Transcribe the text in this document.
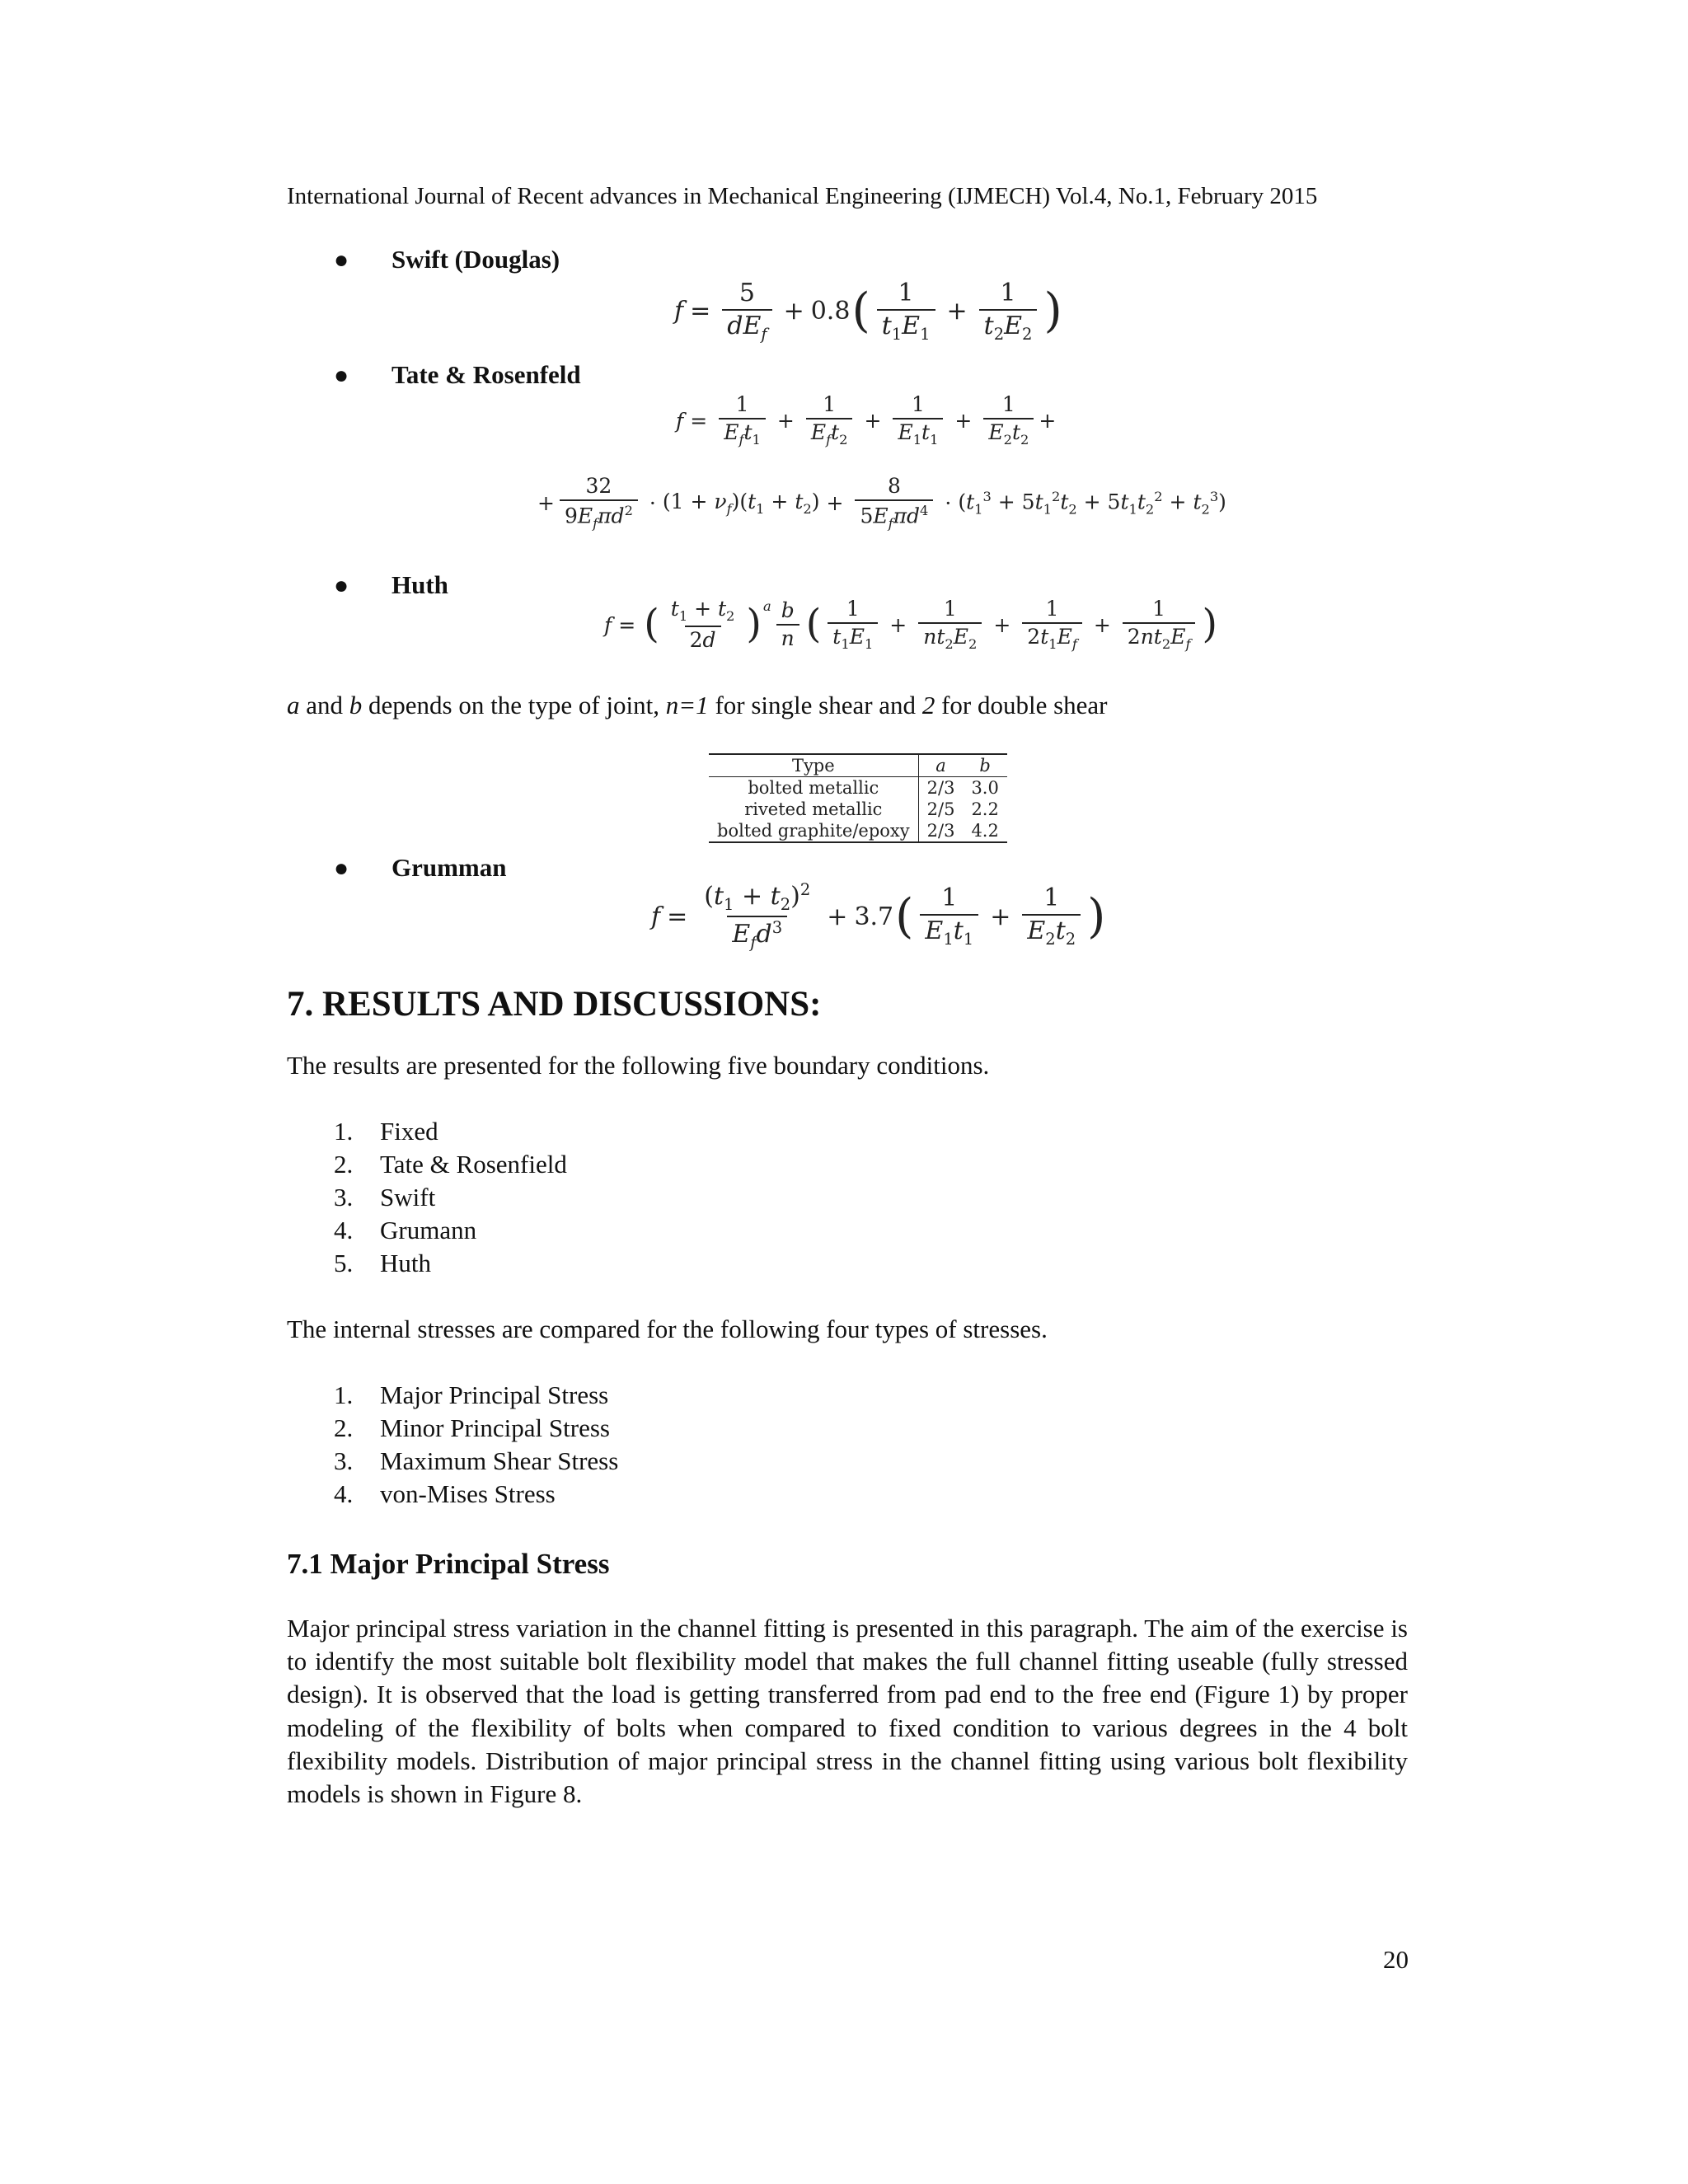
International Journal of Recent advances in Mechanical Engineering (IJMECH) Vol.4, No.1, February 2015
● Swift (Douglas)
$f = \frac{5}{dE_f} + 0.8$ ( $\frac{1}{t_1E_1} + \frac{1}{t_2E_2}$ )
● Tate & Rosenfeld
$f = \frac{1}{E_ft_1} + \frac{1}{E_ft_2} + \frac{1}{E_1t_1} + \frac{1}{E_2t_2}$ +
+ $\frac{32}{9E_f\pi d^2} \cdot (1 + \nu_f)(t_1 + t_2) + \frac{8}{5E_f\pi d^4} \cdot (t_1^3 + 5t_1^2t_2 + 5t_1t_2^2 + t_2^3)$
● Huth
f = ( $\frac{t_1 + t_2}{2d} )^a \frac{b}{n}$ ( $\frac{1}{t_1E_1} + \frac{1}{nt_2E_2} + \frac{1}{2t_1E_f} + \frac{1}{2nt_2E_f}$ )
a and b depends on the type of joint, n=1 for single shear and 2 for double shear
Type	a	b
bolted metallic	2/3	3.0
riveted metallic	2/5	2.2
bolted graphite/epoxy	2/3	4.2
● Grumman
$f = \frac{(t_1 + t_2)^2}{E_fd^3} + 3.7$ ( $\frac{1}{E_1t_1} + \frac{1}{E_2t_2}$ )
7. RESULTS AND DISCUSSIONS:
The results are presented for the following five boundary conditions.
1. Fixed
2. Tate & Rosenfield
3. Swift
4. Grumann
5. Huth
The internal stresses are compared for the following four types of stresses.
1. Major Principal Stress
2. Minor Principal Stress
3. Maximum Shear Stress
4. von-Mises Stress
7.1 Major Principal Stress
Major principal stress variation in the channel fitting is presented in this paragraph. The aim of the exercise is to identify the most suitable bolt flexibility model that makes the full channel fitting useable (fully stressed design). It is observed that the load is getting transferred from pad end to the free end (Figure 1) by proper modeling of the flexibility of bolts when compared to fixed condition to various degrees in the 4 bolt flexibility models. Distribution of major principal stress in the channel fitting using various bolt flexibility models is shown in Figure 8.
20
